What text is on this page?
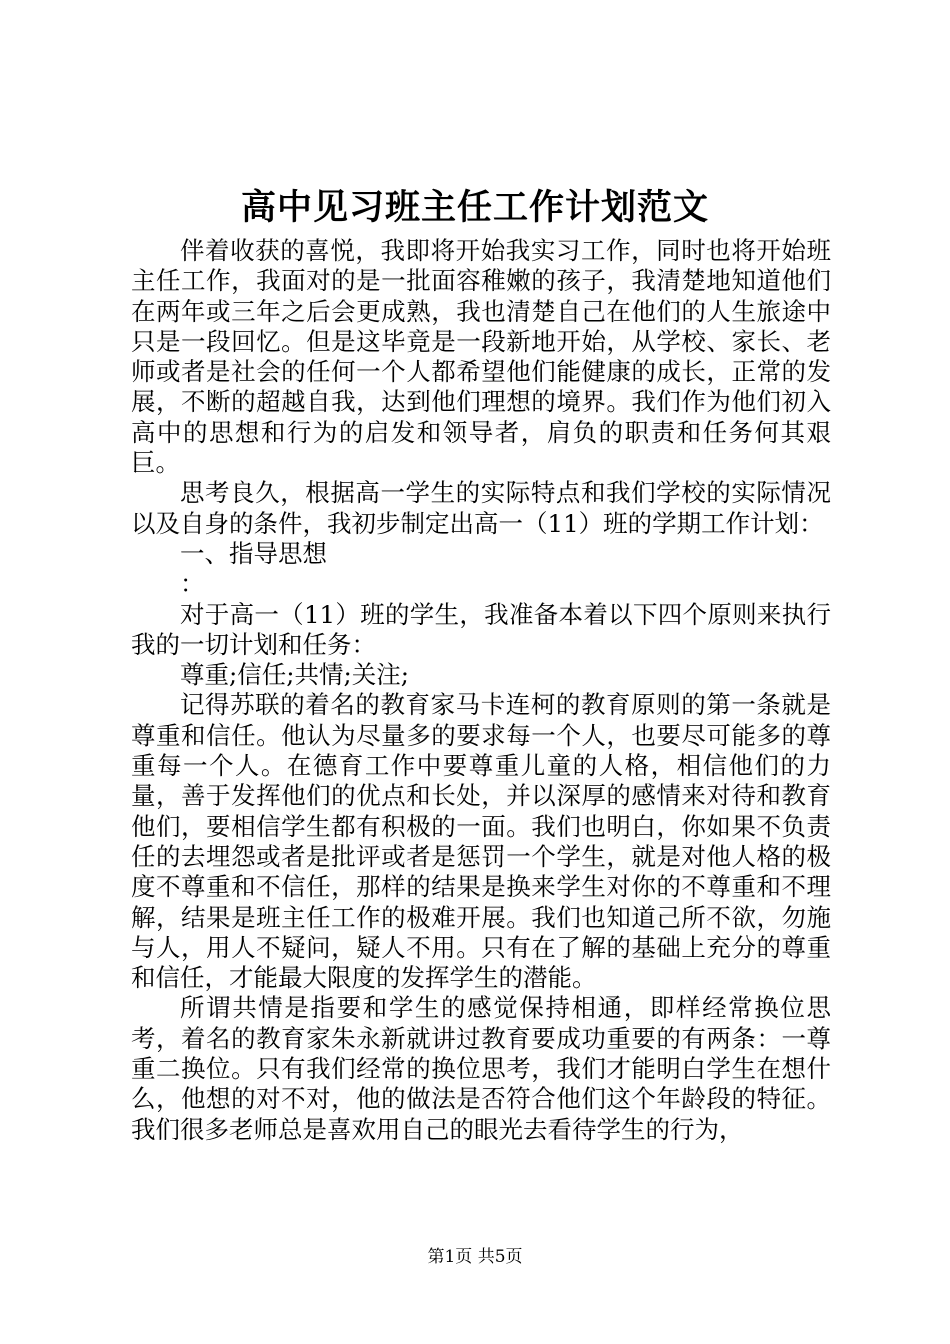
高中见习班主任工作计划范文

伴着收获的喜悦，我即将开始我实习工作，同时也将开始班主任工作，我面对的是一批面容稚嫩的孩子，我清楚地知道他们在两年或三年之后会更成熟，我也清楚自己在他们的人生旅途中只是一段回忆。但是这毕竟是一段新地开始，从学校、家长、老师或者是社会的任何一个人都希望他们能健康的成长，正常的发展，不断的超越自我，达到他们理想的境界。我们作为他们初入高中的思想和行为的启发和领导者，肩负的职责和任务何其艰巨。

思考良久，根据高一学生的实际特点和我们学校的实际情况以及自身的条件，我初步制定出高一（11）班的学期工作计划：

一、指导思想

：

对于高一（11）班的学生，我准备本着以下四个原则来执行我的一切计划和任务：

尊重;信任;共情;关注;

记得苏联的着名的教育家马卡连柯的教育原则的第一条就是尊重和信任。他认为尽量多的要求每一个人，也要尽可能多的尊重每一个人。在德育工作中要尊重儿童的人格，相信他们的力量，善于发挥他们的优点和长处，并以深厚的感情来对待和教育他们，要相信学生都有积极的一面。我们也明白，你如果不负责任的去埋怨或者是批评或者是惩罚一个学生，就是对他人格的极度不尊重和不信任，那样的结果是换来学生对你的不尊重和不理解，结果是班主任工作的极难开展。我们也知道己所不欲，勿施与人，用人不疑问，疑人不用。只有在了解的基础上充分的尊重和信任，才能最大限度的发挥学生的潜能。

所谓共情是指要和学生的感觉保持相通，即样经常换位思考，着名的教育家朱永新就讲过教育要成功重要的有两条：一尊重二换位。只有我们经常的换位思考，我们才能明白学生在想什么，他想的对不对，他的做法是否符合他们这个年龄段的特征。我们很多老师总是喜欢用自己的眼光去看待学生的行为，

第1页 共5页
